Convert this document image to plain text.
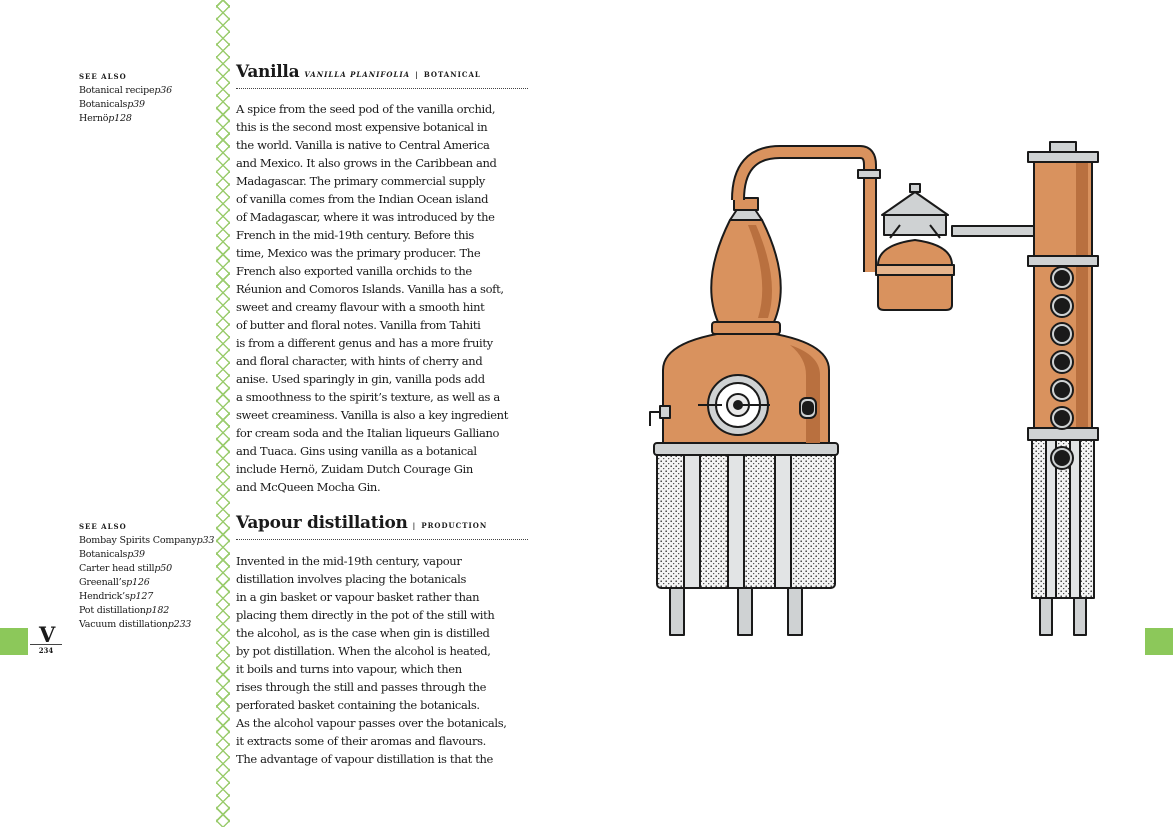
SEE ALSO
Botanical recipep36
Botanicalsp39
Hernöp128
SEE ALSO
Bombay Spirits Companyp33
Botanicalsp39
Carter head stillp50
Greenall’sp126
Hendrick’sp127
Pot distillationp182
Vacuum distillationp233
V
234
Vanilla VANILLA PLANIFOLIA | BOTANICAL
A spice from the seed pod of the vanilla orchid,
this is the second most expensive botanical in
the world. Vanilla is native to Central America
and Mexico. It also grows in the Caribbean and
Madagascar. The primary commercial supply
of vanilla comes from the Indian Ocean island
of Madagascar, where it was introduced by the
French in the mid-19th century. Before this
time, Mexico was the primary producer. The
French also exported vanilla orchids to the
Réunion and Comoros Islands. Vanilla has a soft,
sweet and creamy flavour with a smooth hint
of butter and floral notes. Vanilla from Tahiti
is from a different genus and has a more fruity
and floral character, with hints of cherry and
anise. Used sparingly in gin, vanilla pods add
a smoothness to the spirit’s texture, as well as a
sweet creaminess. Vanilla is also a key ingredient
for cream soda and the Italian liqueurs Galliano
and Tuaca. Gins using vanilla as a botanical
include Hernö, Zuidam Dutch Courage Gin
and McQueen Mocha Gin.
Vapour distillation | PRODUCTION
Invented in the mid-19th century, vapour
distillation involves placing the botanicals
in a gin basket or vapour basket rather than
placing them directly in the pot of the still with
the alcohol, as is the case when gin is distilled
by pot distillation. When the alcohol is heated,
it boils and turns into vapour, which then
rises through the still and passes through the
perforated basket containing the botanicals.
As the alcohol vapour passes over the botanicals,
it extracts some of their aromas and flavours.
The advantage of vapour distillation is that the
